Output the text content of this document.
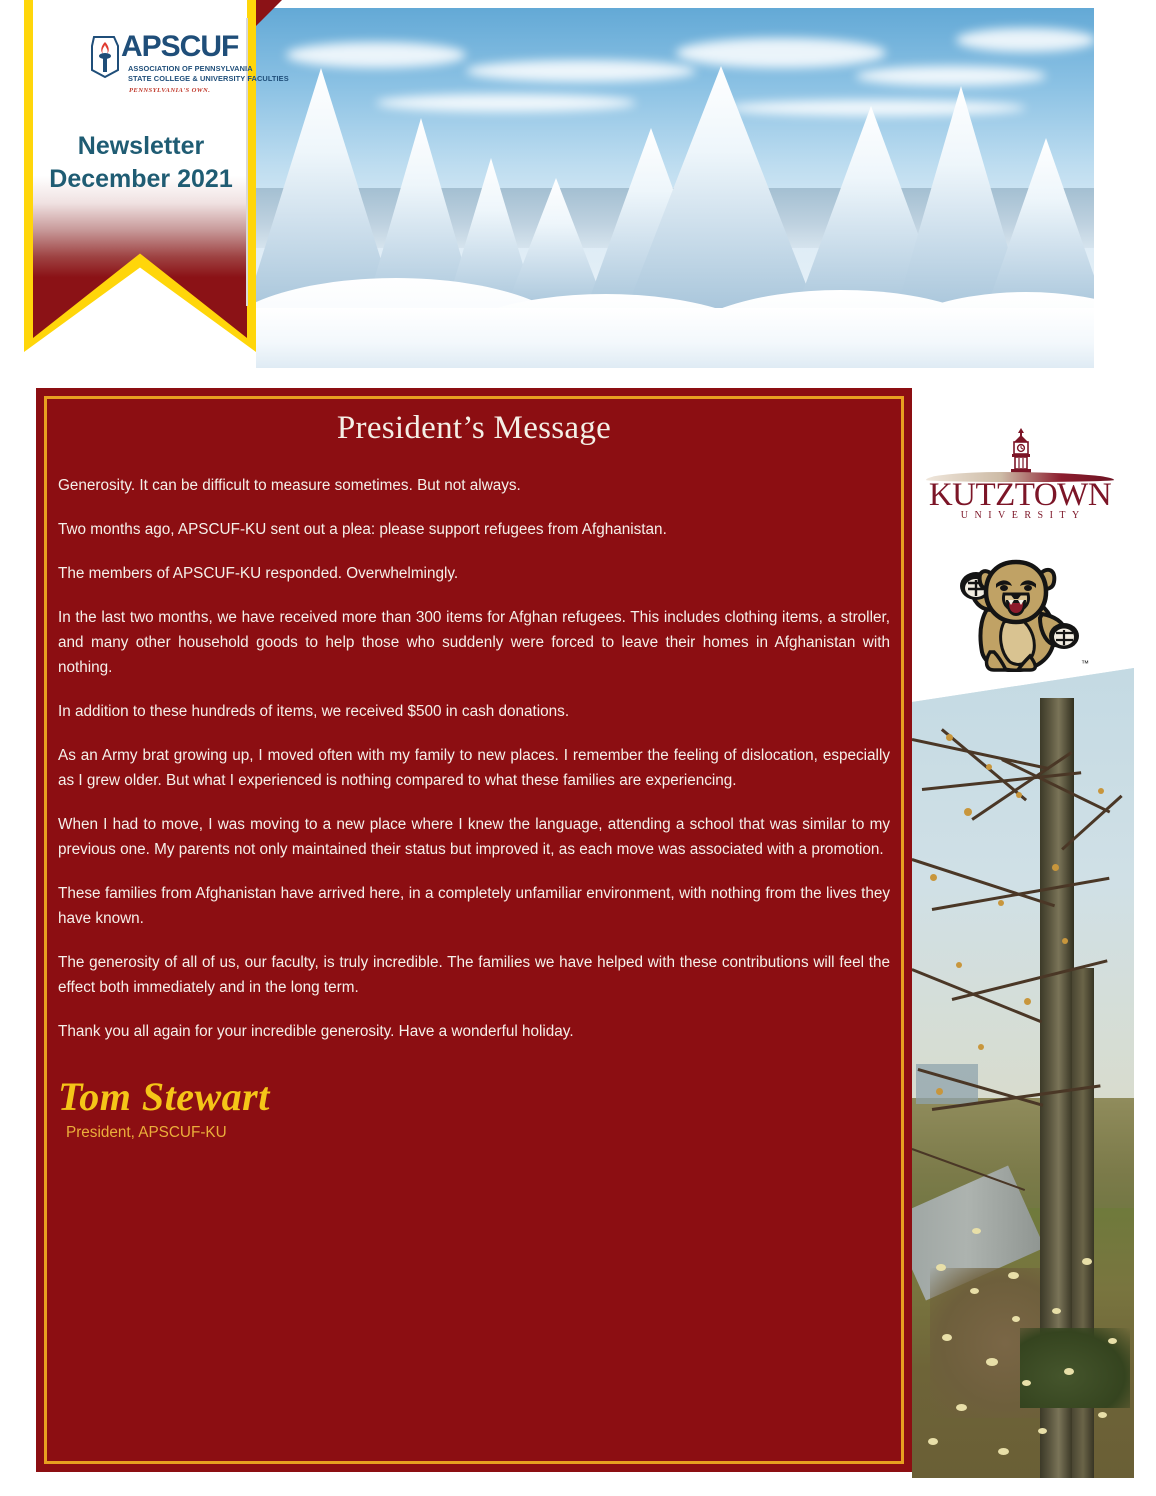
APSCUF
ASSOCIATION OF PENNSYLVANIA
STATE COLLEGE & UNIVERSITY FACULTIES
PENNSYLVANIA'S OWN.
Newsletter
December 2021
President’s Message

Generosity. It can be difficult to measure sometimes. But not always.

Two months ago, APSCUF-KU sent out a plea: please support refugees from Afghanistan.

The members of APSCUF-KU responded. Overwhelmingly.

In the last two months, we have received more than 300 items for Afghan refugees. This includes clothing items, a stroller, and many other household goods to help those who suddenly were forced to leave their homes in Afghanistan with nothing.

In addition to these hundreds of items, we received $500 in cash donations.

As an Army brat growing up, I moved often with my family to new places. I remember the feeling of dislocation, especially as I grew older. But what I experienced is nothing compared to what these families are experiencing.

When I had to move, I was moving to a new place where I knew the language, attending a school that was similar to my previous one. My parents not only maintained their status but improved it, as each move was associated with a promotion.

These families from Afghanistan have arrived here, in a completely unfamiliar environment, with nothing from the lives they have known.

The generosity of all of us, our faculty, is truly incredible. The families we have helped with these contributions will feel the effect both immediately and in the long term.

Thank you all again for your incredible generosity. Have a wonderful holiday.

Tom Stewart
President, APSCUF-KU
KUTZTOWN
UNIVERSITY
™
